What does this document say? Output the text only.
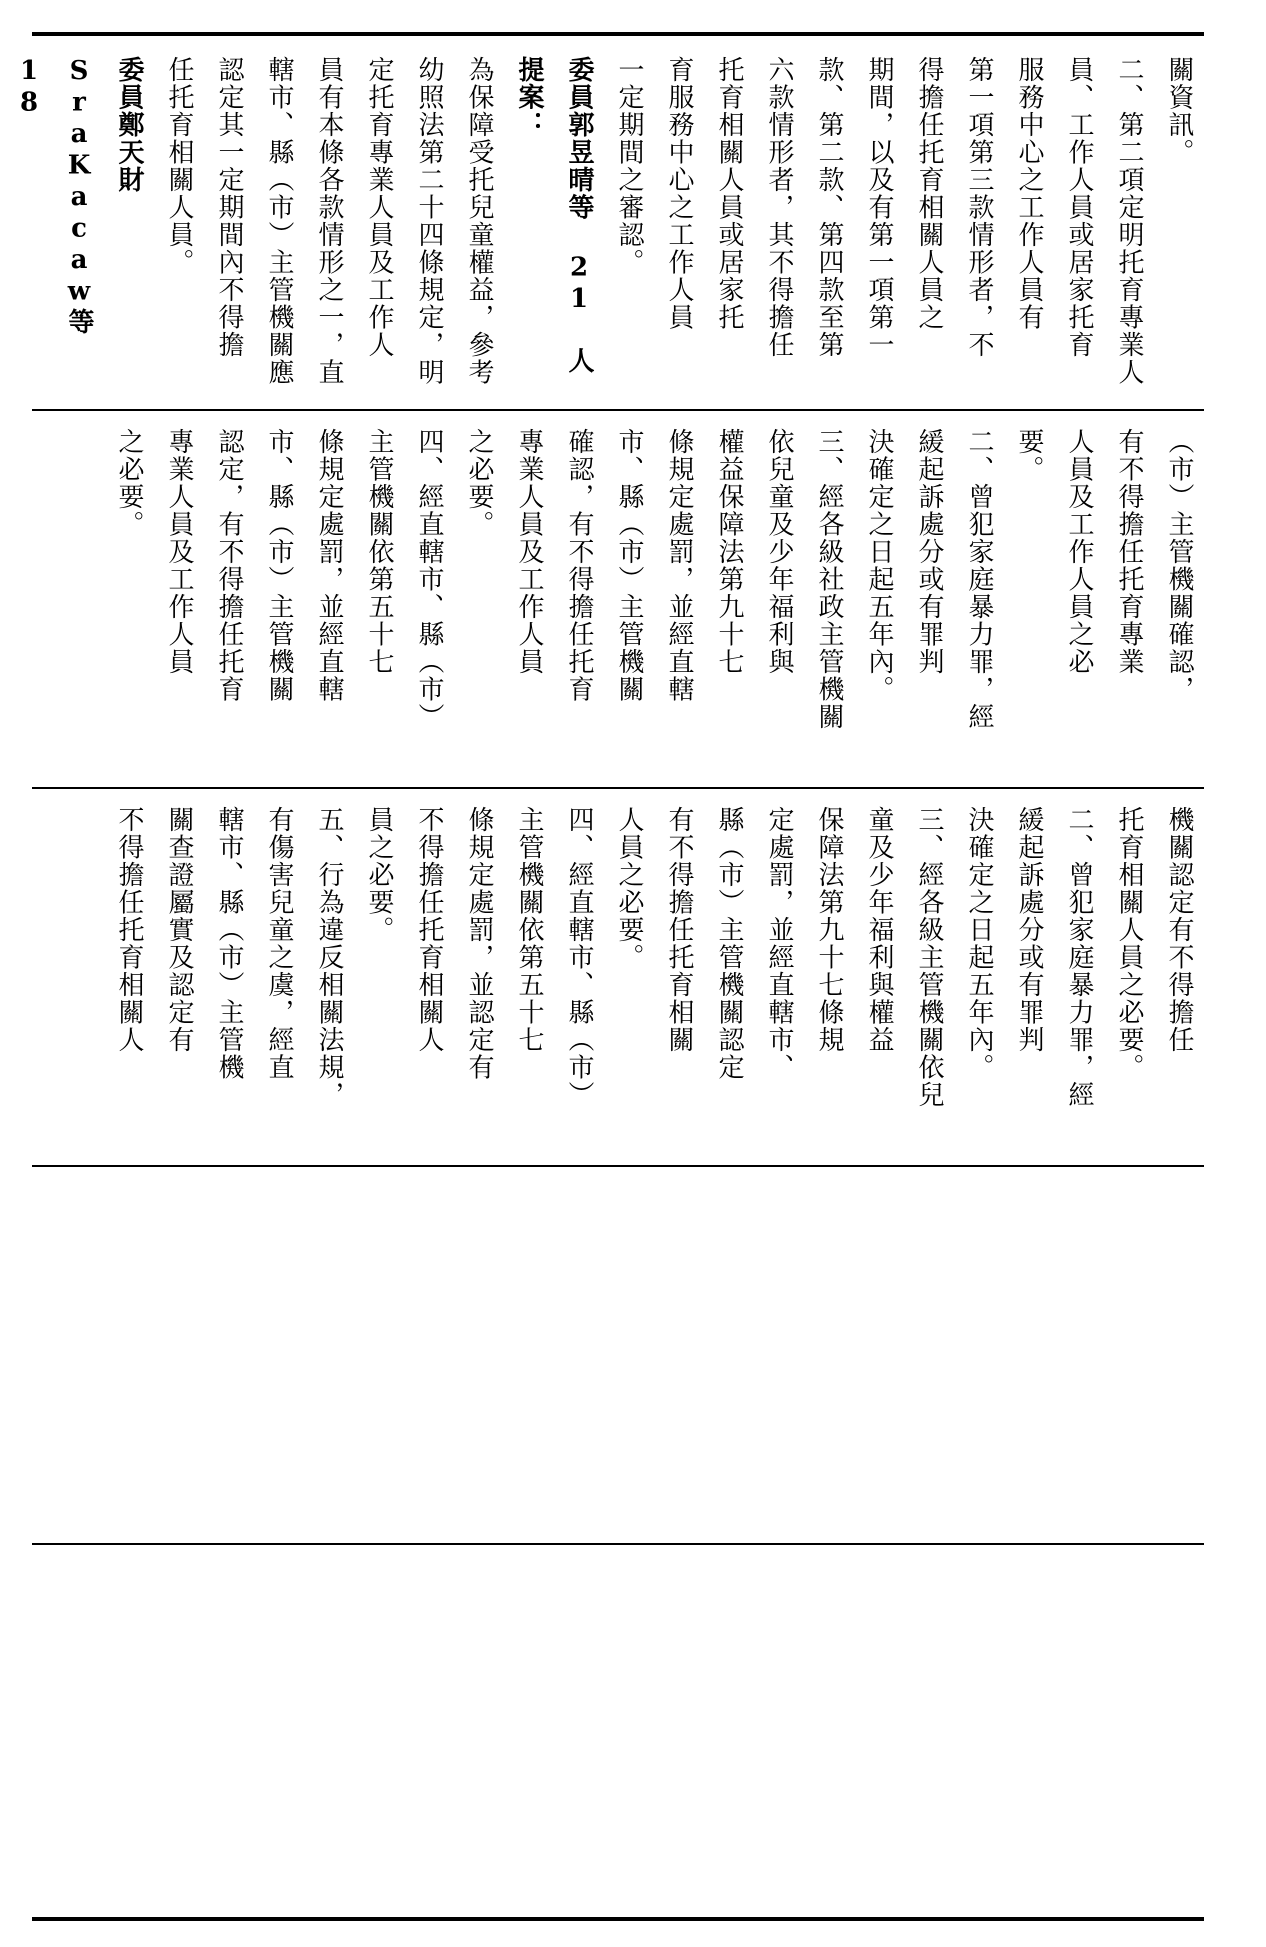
關資訊。

二、第二項定明托育專業人

員、工作人員或居家托育

服務中心之工作人員有

第一項第三款情形者，不

得擔任托育相關人員之

期間，以及有第一項第一

款、第二款、第四款至第

六款情形者，其不得擔任

托育相關人員或居家托

育服務中心之工作人員

一定期間之審認。

委員郭昱晴等 21 人提案：

為保障受托兒童權益，參考

幼照法第二十四條規定，明

定托育專業人員及工作人

員有本條各款情形之一，直

轄市、縣（市）主管機關應

認定其一定期間內不得擔

任托育相關人員。

委員鄭天財SraKacaw等 18

（市）主管機關確認，

有不得擔任托育專業

人員及工作人員之必

要。

二、曾犯家庭暴力罪，經

緩起訴處分或有罪判

決確定之日起五年內。

三、經各級社政主管機關

依兒童及少年福利與

權益保障法第九十七

條規定處罰，並經直轄

市、縣（市）主管機關

確認，有不得擔任托育

專業人員及工作人員

之必要。

四、經直轄市、縣（市）

主管機關依第五十七

條規定處罰，並經直轄

市、縣（市）主管機關

認定，有不得擔任托育

專業人員及工作人員

之必要。

機關認定有不得擔任

托育相關人員之必要。

二、曾犯家庭暴力罪，經

緩起訴處分或有罪判

決確定之日起五年內。

三、經各級主管機關依兒

童及少年福利與權益

保障法第九十七條規

定處罰，並經直轄市、

縣（市）主管機關認定

有不得擔任托育相關

人員之必要。

四、經直轄市、縣（市）

主管機關依第五十七

條規定處罰，並認定有

不得擔任托育相關人

員之必要。

五、行為違反相關法規，

有傷害兒童之虞，經直

轄市、縣（市）主管機

關查證屬實及認定有

不得擔任托育相關人
